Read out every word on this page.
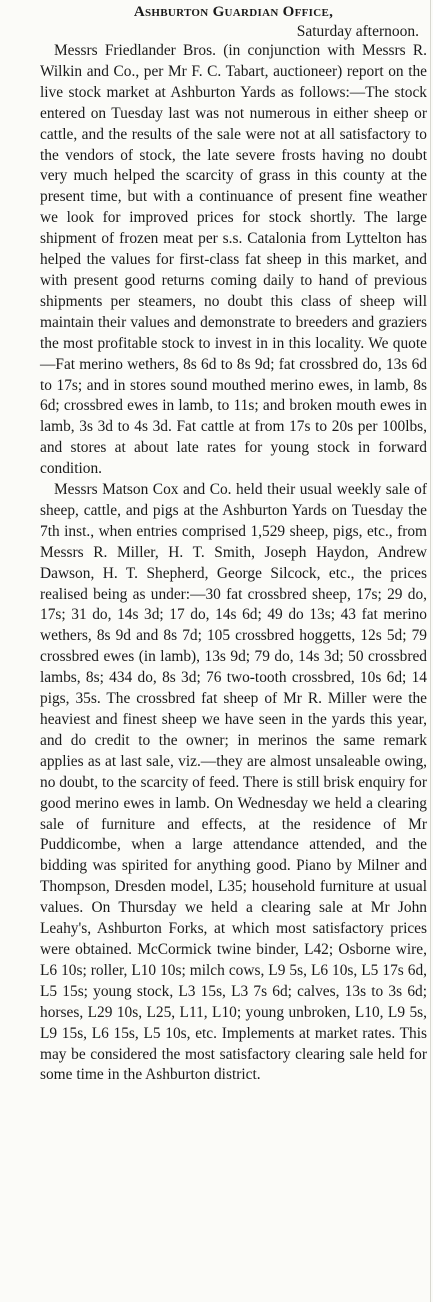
Ashburton Guardian Office,

Saturday afternoon.

Messrs Friedlander Bros. (in conjunction with Messrs R. Wilkin and Co., per Mr F. C. Tabart, auctioneer) report on the live stock market at Ashburton Yards as follows:—The stock entered on Tuesday last was not numerous in either sheep or cattle, and the results of the sale were not at all satisfactory to the vendors of stock, the late severe frosts having no doubt very much helped the scarcity of grass in this county at the present time, but with a continuance of present fine weather we look for improved prices for stock shortly. The large shipment of frozen meat per s.s. Catalonia from Lyttelton has helped the values for first-class fat sheep in this market, and with present good returns coming daily to hand of previous shipments per steamers, no doubt this class of sheep will maintain their values and demonstrate to breeders and graziers the most profitable stock to invest in in this locality. We quote—Fat merino wethers, 8s 6d to 8s 9d; fat crossbred do, 13s 6d to 17s; and in stores sound mouthed merino ewes, in lamb, 8s 6d; crossbred ewes in lamb, to 11s; and broken mouth ewes in lamb, 3s 3d to 4s 3d. Fat cattle at from 17s to 20s per 100lbs, and stores at about late rates for young stock in forward condition.

Messrs Matson Cox and Co. held their usual weekly sale of sheep, cattle, and pigs at the Ashburton Yards on Tuesday the 7th inst., when entries comprised 1,529 sheep, pigs, etc., from Messrs R. Miller, H. T. Smith, Joseph Haydon, Andrew Dawson, H. T. Shepherd, George Silcock, etc., the prices realised being as under:—30 fat crossbred sheep, 17s; 29 do, 17s; 31 do, 14s 3d; 17 do, 14s 6d; 49 do 13s; 43 fat merino wethers, 8s 9d and 8s 7d; 105 crossbred hoggetts, 12s 5d; 79 crossbred ewes (in lamb), 13s 9d; 79 do, 14s 3d; 50 crossbred lambs, 8s; 434 do, 8s 3d; 76 two-tooth crossbred, 10s 6d; 14 pigs, 35s. The crossbred fat sheep of Mr R. Miller were the heaviest and finest sheep we have seen in the yards this year, and do credit to the owner; in merinos the same remark applies as at last sale, viz.—they are almost unsaleable owing, no doubt, to the scarcity of feed. There is still brisk enquiry for good merino ewes in lamb. On Wednesday we held a clearing sale of furniture and effects, at the residence of Mr Puddicombe, when a large attendance attended, and the bidding was spirited for anything good. Piano by Milner and Thompson, Dresden model, L35; household furniture at usual values. On Thursday we held a clearing sale at Mr John Leahy's, Ashburton Forks, at which most satisfactory prices were obtained. McCormick twine binder, L42; Osborne wire, L6 10s; roller, L10 10s; milch cows, L9 5s, L6 10s, L5 17s 6d, L5 15s; young stock, L3 15s, L3 7s 6d; calves, 13s to 3s 6d; horses, L29 10s, L25, L11, L10; young unbroken, L10, L9 5s, L9 15s, L6 15s, L5 10s, etc. Implements at market rates. This may be considered the most satisfactory clearing sale held for some time in the Ashburton district.
